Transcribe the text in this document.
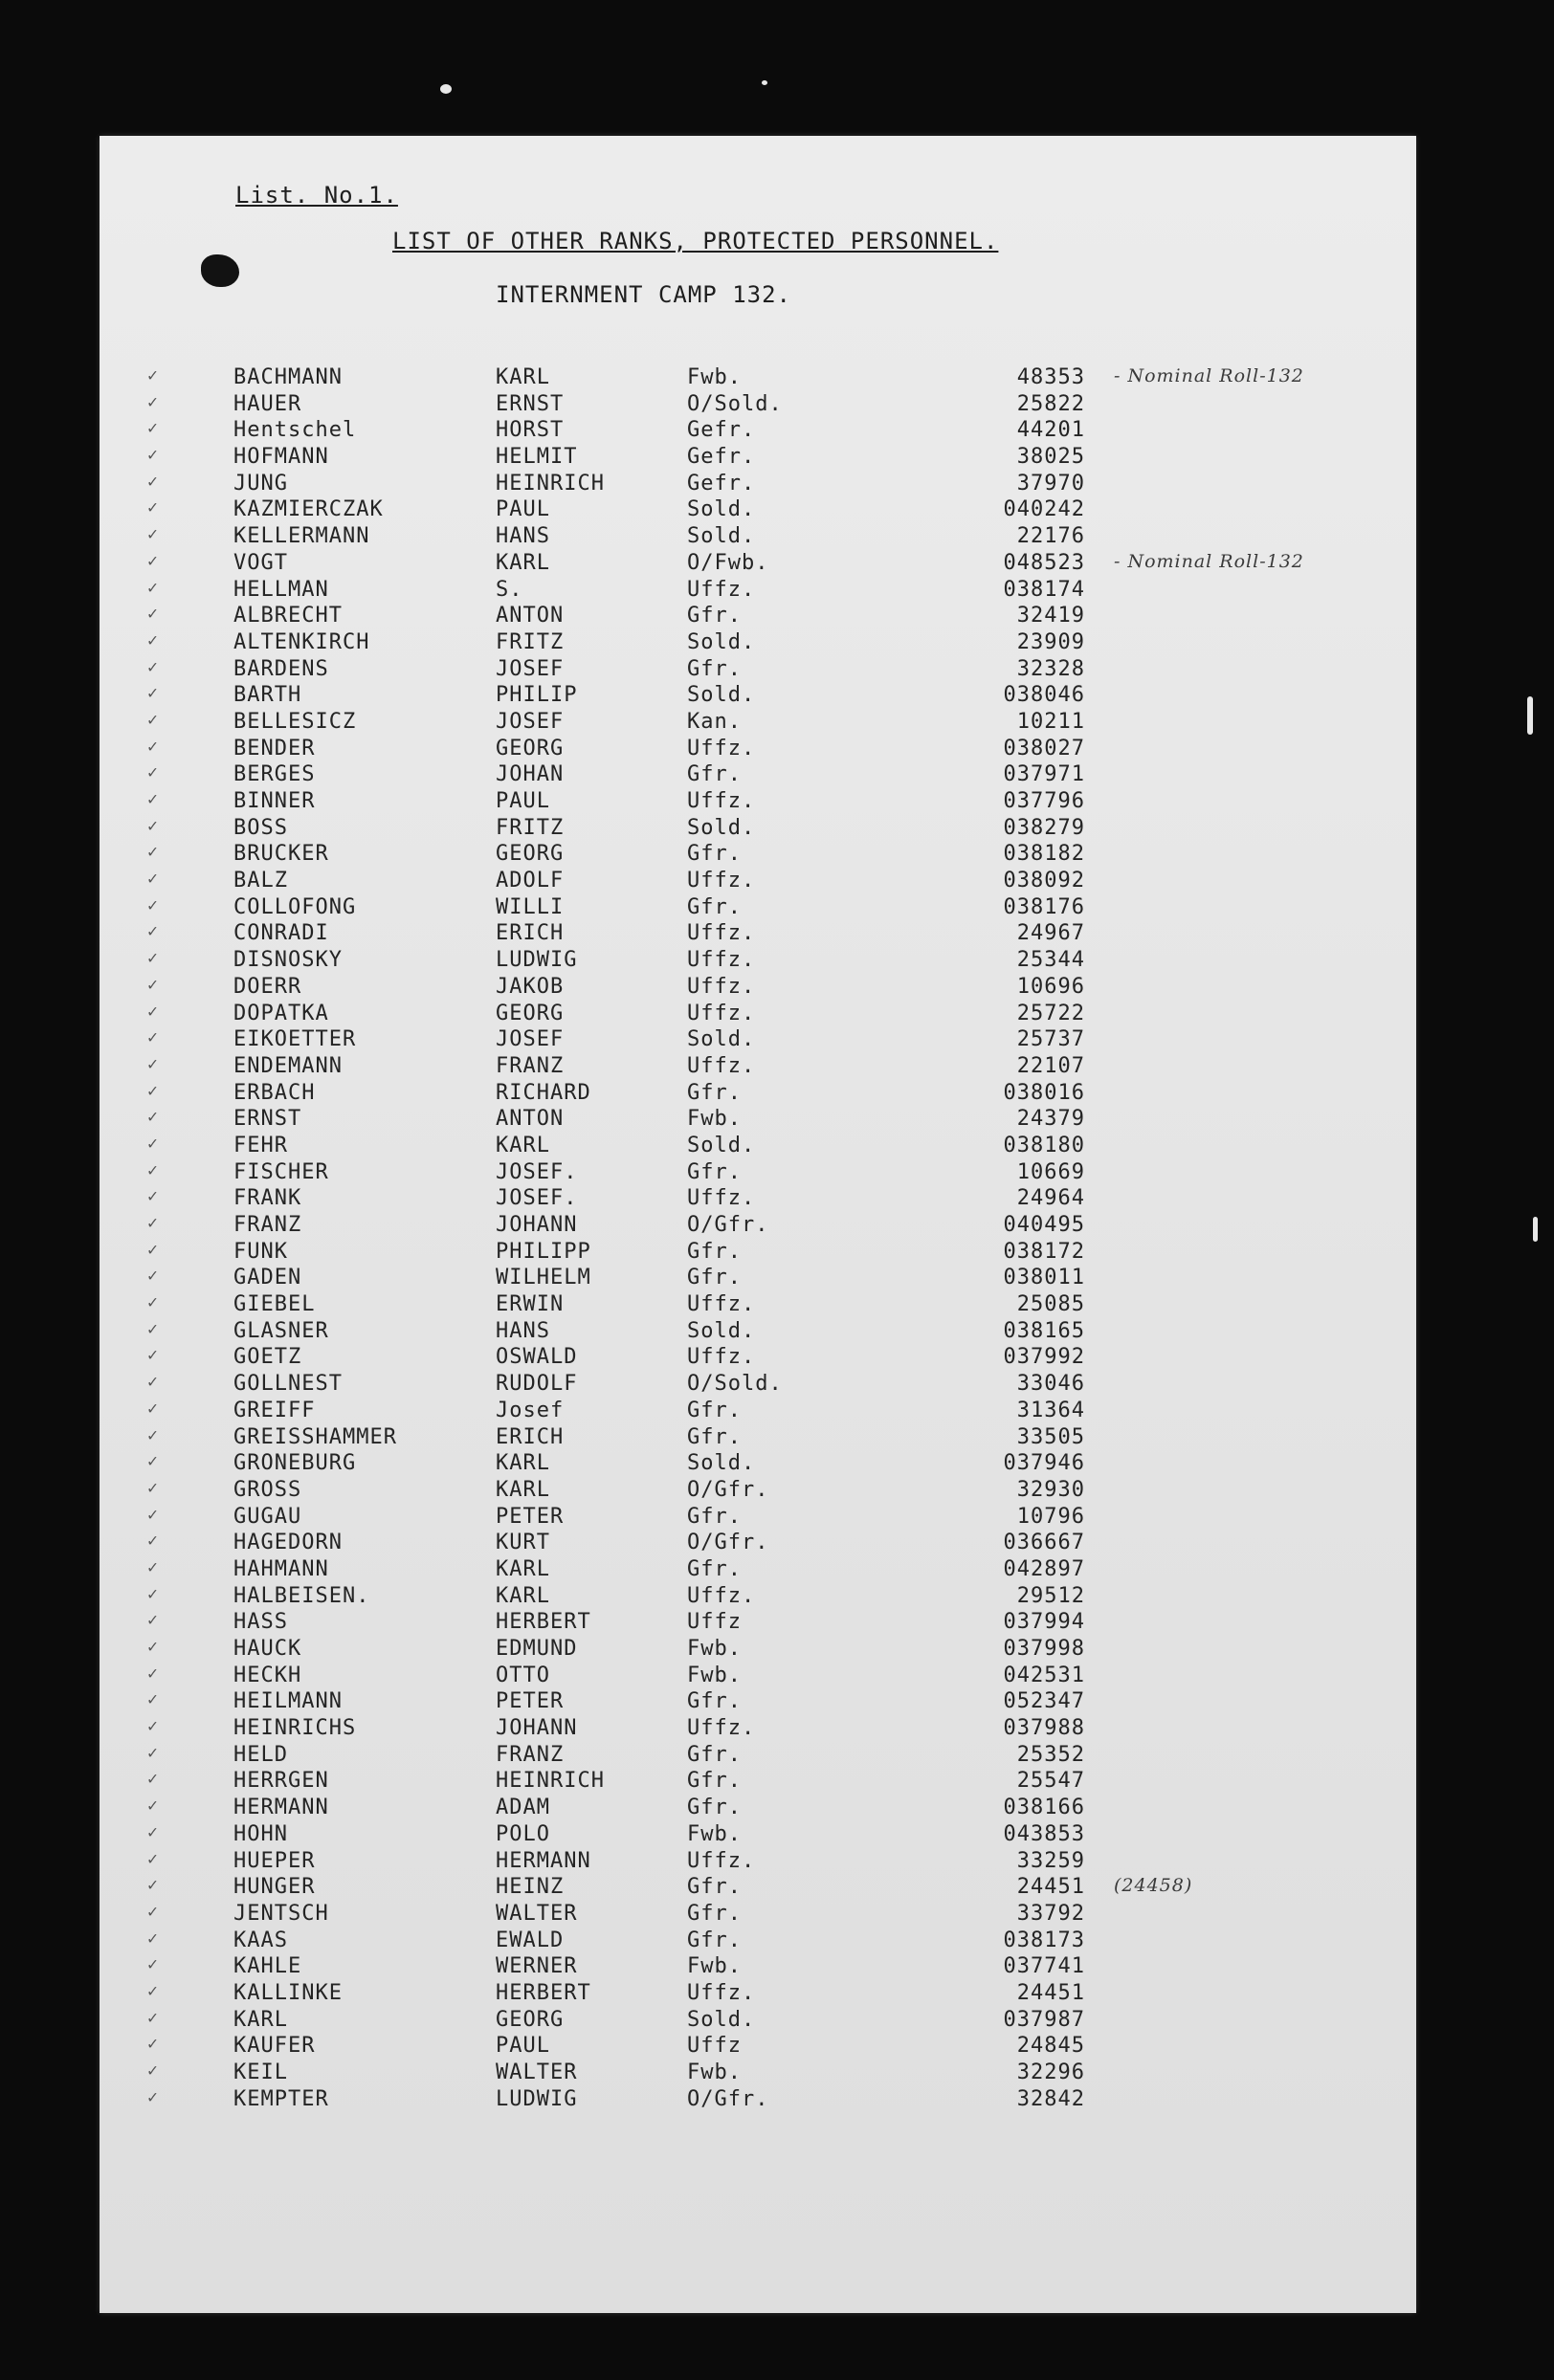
List. No.1.
LIST OF OTHER RANKS, PROTECTED PERSONNEL.
INTERNMENT CAMP 132.
✓	BACHMANN	KARL	Fwb.	48353 - Nominal Roll-132
✓	HAUER	ERNST	O/Sold.	25822
✓	Hentschel	HORST	Gefr.	44201
✓	HOFMANN	HELMIT	Gefr.	38025
✓	JUNG	HEINRICH	Gefr.	37970
✓	KAZMIERCZAK	PAUL	Sold.	040242
✓	KELLERMANN	HANS	Sold.	22176
✓	VOGT	KARL	O/Fwb.	048523 - Nominal Roll-132
✓	HELLMAN	S.	Uffz.	038174
✓	ALBRECHT	ANTON	Gfr.	32419
✓	ALTENKIRCH	FRITZ	Sold.	23909
✓	BARDENS	JOSEF	Gfr.	32328
✓	BARTH	PHILIP	Sold.	038046
✓	BELLESICZ	JOSEF	Kan.	10211
✓	BENDER	GEORG	Uffz.	038027
✓	BERGES	JOHAN	Gfr.	037971
✓	BINNER	PAUL	Uffz.	037796
✓	BOSS	FRITZ	Sold.	038279
✓	BRUCKER	GEORG	Gfr.	038182
✓	BALZ	ADOLF	Uffz.	038092
✓	COLLOFONG	WILLI	Gfr.	038176
✓	CONRADI	ERICH	Uffz.	24967
✓	DISNOSKY	LUDWIG	Uffz.	25344
✓	DOERR	JAKOB	Uffz.	10696
✓	DOPATKA	GEORG	Uffz.	25722
✓	EIKOETTER	JOSEF	Sold.	25737
✓	ENDEMANN	FRANZ	Uffz.	22107
✓	ERBACH	RICHARD	Gfr.	038016
✓	ERNST	ANTON	Fwb.	24379
✓	FEHR	KARL	Sold.	038180
✓	FISCHER	JOSEF.	Gfr.	10669
✓	FRANK	JOSEF.	Uffz.	24964
✓	FRANZ	JOHANN	O/Gfr.	040495
✓	FUNK	PHILIPP	Gfr.	038172
✓	GADEN	WILHELM	Gfr.	038011
✓	GIEBEL	ERWIN	Uffz.	25085
✓	GLASNER	HANS	Sold.	038165
✓	GOETZ	OSWALD	Uffz.	037992
✓	GOLLNEST	RUDOLF	O/Sold.	33046
✓	GREIFF	Josef	Gfr.	31364
✓	GREISSHAMMER	ERICH	Gfr.	33505
✓	GRONEBURG	KARL	Sold.	037946
✓	GROSS	KARL	O/Gfr.	32930
✓	GUGAU	PETER	Gfr.	10796
✓	HAGEDORN	KURT	O/Gfr.	036667
✓	HAHMANN	KARL	Gfr.	042897
✓	HALBEISEN.	KARL	Uffz.	29512
✓	HASS	HERBERT	Uffz	037994
✓	HAUCK	EDMUND	Fwb.	037998
✓	HECKH	OTTO	Fwb.	042531
✓	HEILMANN	PETER	Gfr.	052347
✓	HEINRICHS	JOHANN	Uffz.	037988
✓	HELD	FRANZ	Gfr.	25352
✓	HERRGEN	HEINRICH	Gfr.	25547
✓	HERMANN	ADAM	Gfr.	038166
✓	HOHN	POLO	Fwb.	043853
✓	HUEPER	HERMANN	Uffz.	33259
✓	HUNGER	HEINZ	Gfr.	24451 (24458)
✓	JENTSCH	WALTER	Gfr.	33792
✓	KAAS	EWALD	Gfr.	038173
✓	KAHLE	WERNER	Fwb.	037741
✓	KALLINKE	HERBERT	Uffz.	24451
✓	KARL	GEORG	Sold.	037987
✓	KAUFER	PAUL	Uffz	24845
✓	KEIL	WALTER	Fwb.	32296
✓	KEMPTER	LUDWIG	O/Gfr.	32842
